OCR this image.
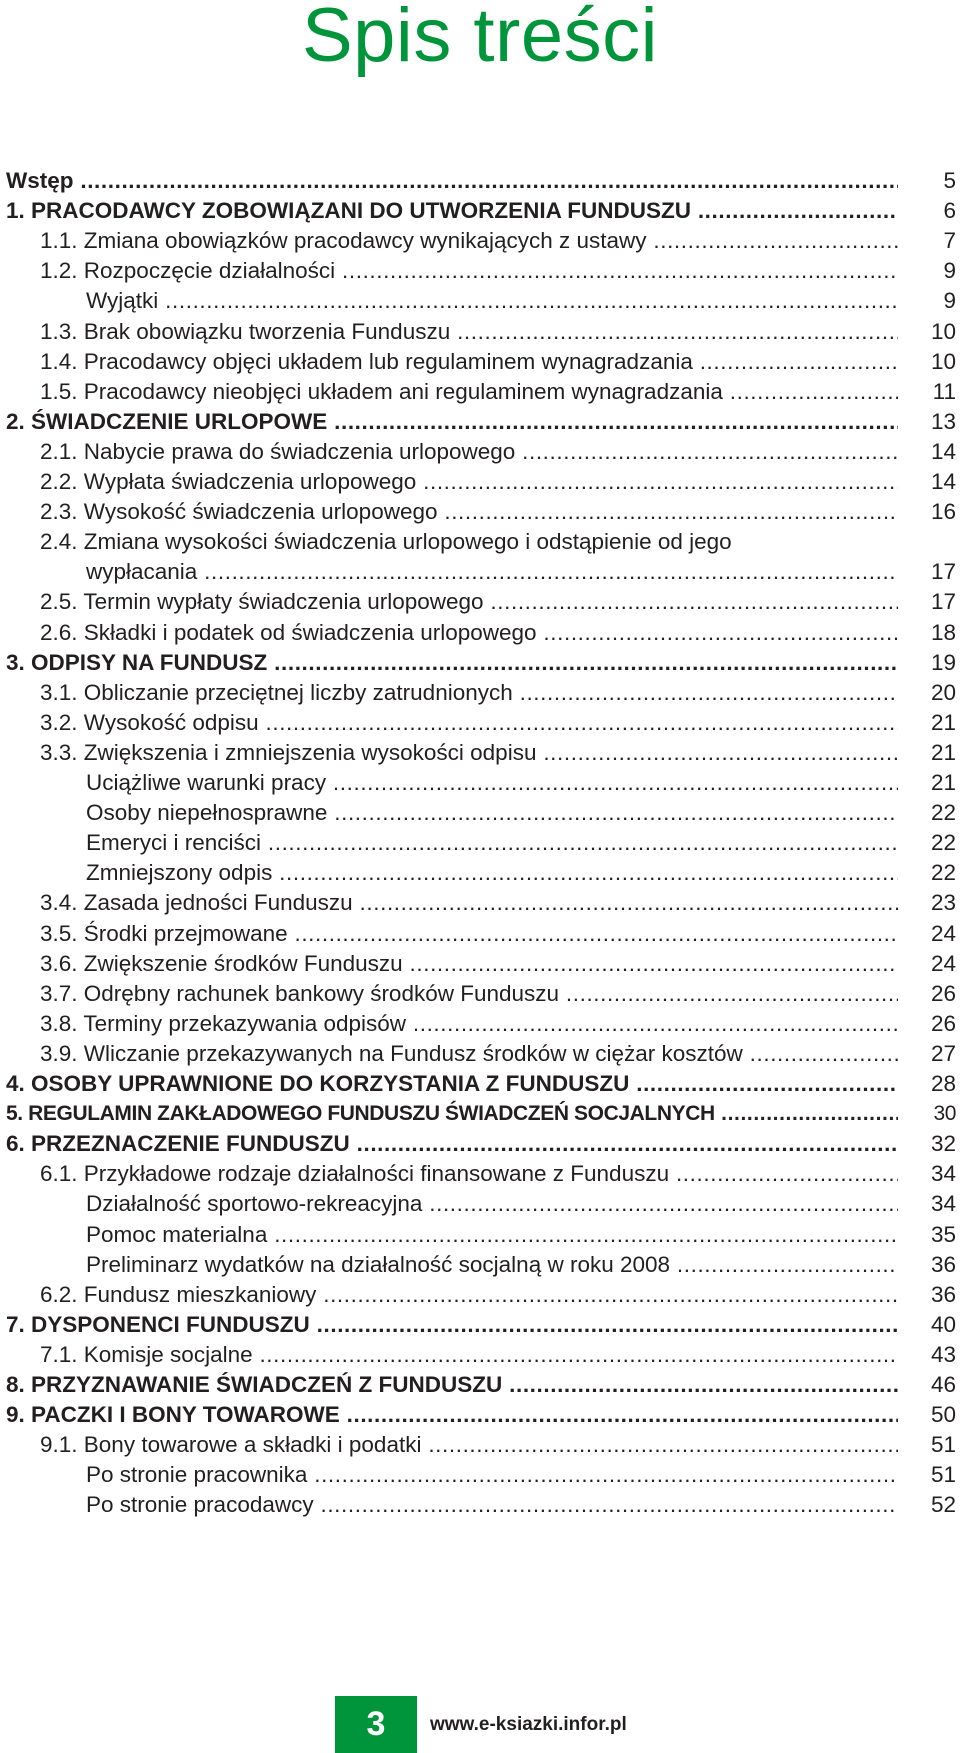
Spis treści
Wstęp .....	5
1. PRACODAWCY ZOBOWIĄZANI DO UTWORZENIA FUNDUSZU .....	6
1.1. Zmiana obowiązków pracodawcy wynikających z ustawy .....	7
1.2. Rozpoczęcie działalności .....	9
Wyjątki .....	9
1.3. Brak obowiązku tworzenia Funduszu .....	10
1.4. Pracodawcy objęci układem lub regulaminem wynagradzania .....	10
1.5. Pracodawcy nieobjęci układem ani regulaminem wynagradzania .....	11
2. ŚWIADCZENIE URLOPOWE .....	13
2.1. Nabycie prawa do świadczenia urlopowego .....	14
2.2. Wypłata świadczenia urlopowego .....	14
2.3. Wysokość świadczenia urlopowego .....	16
2.4. Zmiana wysokości świadczenia urlopowego i odstąpienie od jego
wypłacania .....	17
2.5. Termin wypłaty świadczenia urlopowego .....	17
2.6. Składki i podatek od świadczenia urlopowego .....	18
3. ODPISY NA FUNDUSZ .....	19
3.1. Obliczanie przeciętnej liczby zatrudnionych .....	20
3.2. Wysokość odpisu .....	21
3.3. Zwiększenia i zmniejszenia wysokości odpisu .....	21
Uciążliwe warunki pracy .....	21
Osoby niepełnosprawne .....	22
Emeryci i renciści .....	22
Zmniejszony odpis .....	22
3.4. Zasada jedności Funduszu .....	23
3.5. Środki przejmowane .....	24
3.6. Zwiększenie środków Funduszu .....	24
3.7. Odrębny rachunek bankowy środków Funduszu .....	26
3.8. Terminy przekazywania odpisów .....	26
3.9. Wliczanie przekazywanych na Fundusz środków w ciężar kosztów .....	27
4. OSOBY UPRAWNIONE DO KORZYSTANIA Z FUNDUSZU .....	28
5. REGULAMIN ZAKŁADOWEGO FUNDUSZU ŚWIADCZEŃ SOCJALNYCH .....	30
6. PRZEZNACZENIE FUNDUSZU .....	32
6.1. Przykładowe rodzaje działalności finansowane z Funduszu .....	34
Działalność sportowo-rekreacyjna .....	34
Pomoc materialna .....	35
Preliminarz wydatków na działalność socjalną w roku 2008 .....	36
6.2. Fundusz mieszkaniowy .....	36
7. DYSPONENCI FUNDUSZU .....	40
7.1. Komisje socjalne .....	43
8. PRZYZNAWANIE ŚWIADCZEŃ Z FUNDUSZU .....	46
9. PACZKI I BONY TOWAROWE .....	50
9.1. Bony towarowe a składki i podatki .....	51
Po stronie pracownika .....	51
Po stronie pracodawcy .....	52
3	www.e-ksiazki.infor.pl
